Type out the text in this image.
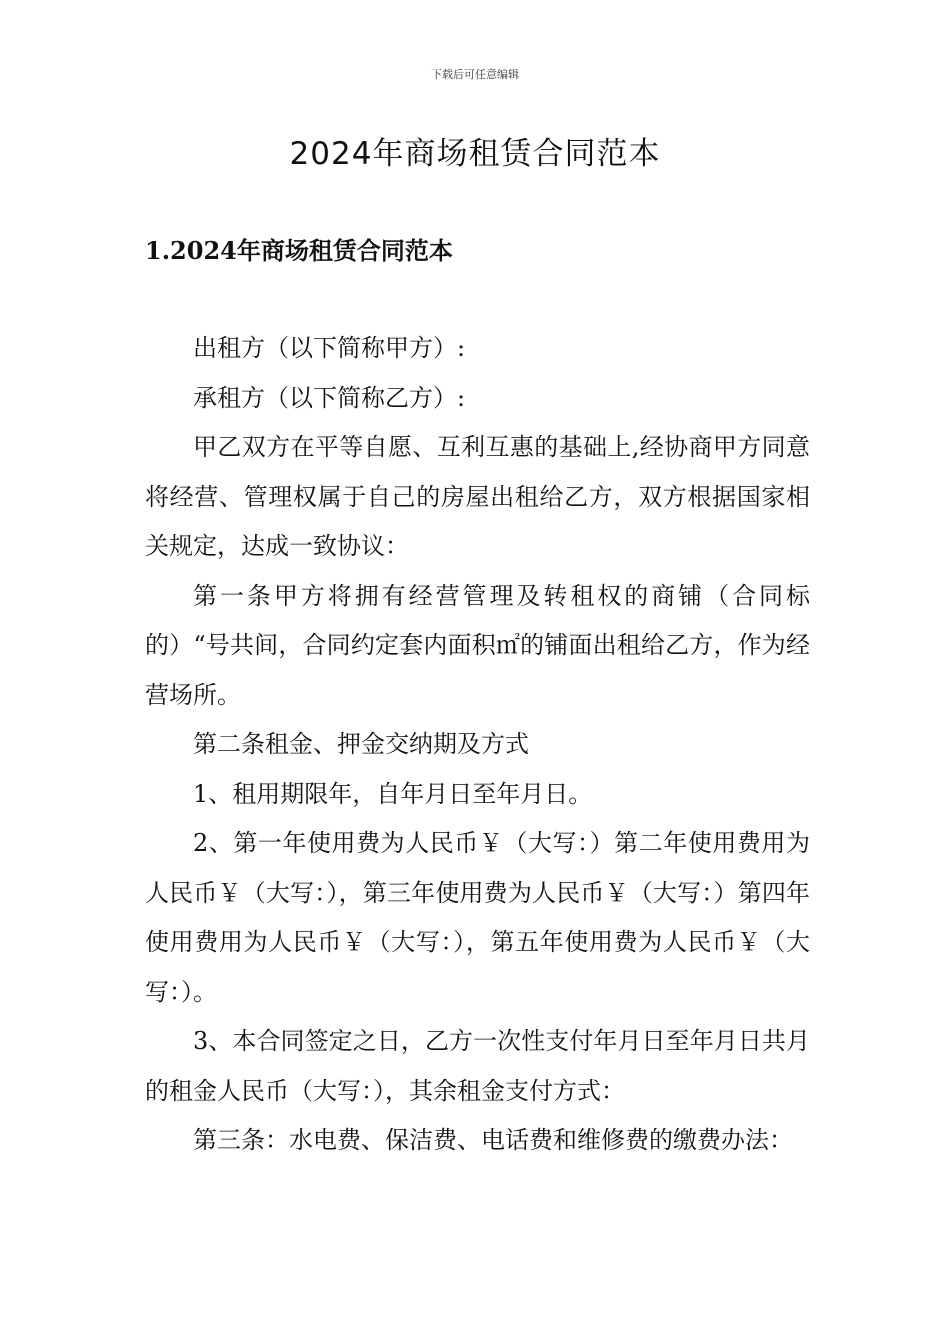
下载后可任意编辑
2024年商场租赁合同范本
1.2024年商场租赁合同范本

出租方（以下简称甲方）:

承租方（以下简称乙方）:

甲乙双方在平等自愿、互利互惠的基础上,经协商甲方同意将经营、管理权属于自己的房屋出租给乙方，双方根据国家相关规定，达成一致协议：

第一条甲方将拥有经营管理及转租权的商铺（合同标的）“号共间，合同约定套内面积㎡的铺面出租给乙方，作为经营场所。

第二条租金、押金交纳期及方式

1、租用期限年，自年月日至年月日。

2、第一年使用费为人民币￥（大写：）第二年使用费用为人民币￥（大写：），第三年使用费为人民币￥（大写：）第四年使用费用为人民币￥（大写：），第五年使用费为人民币￥（大写：）。

3、本合同签定之日，乙方一次性支付年月日至年月日共月的租金人民币（大写：），其余租金支付方式：

第三条：水电费、保洁费、电话费和维修费的缴费办法：
